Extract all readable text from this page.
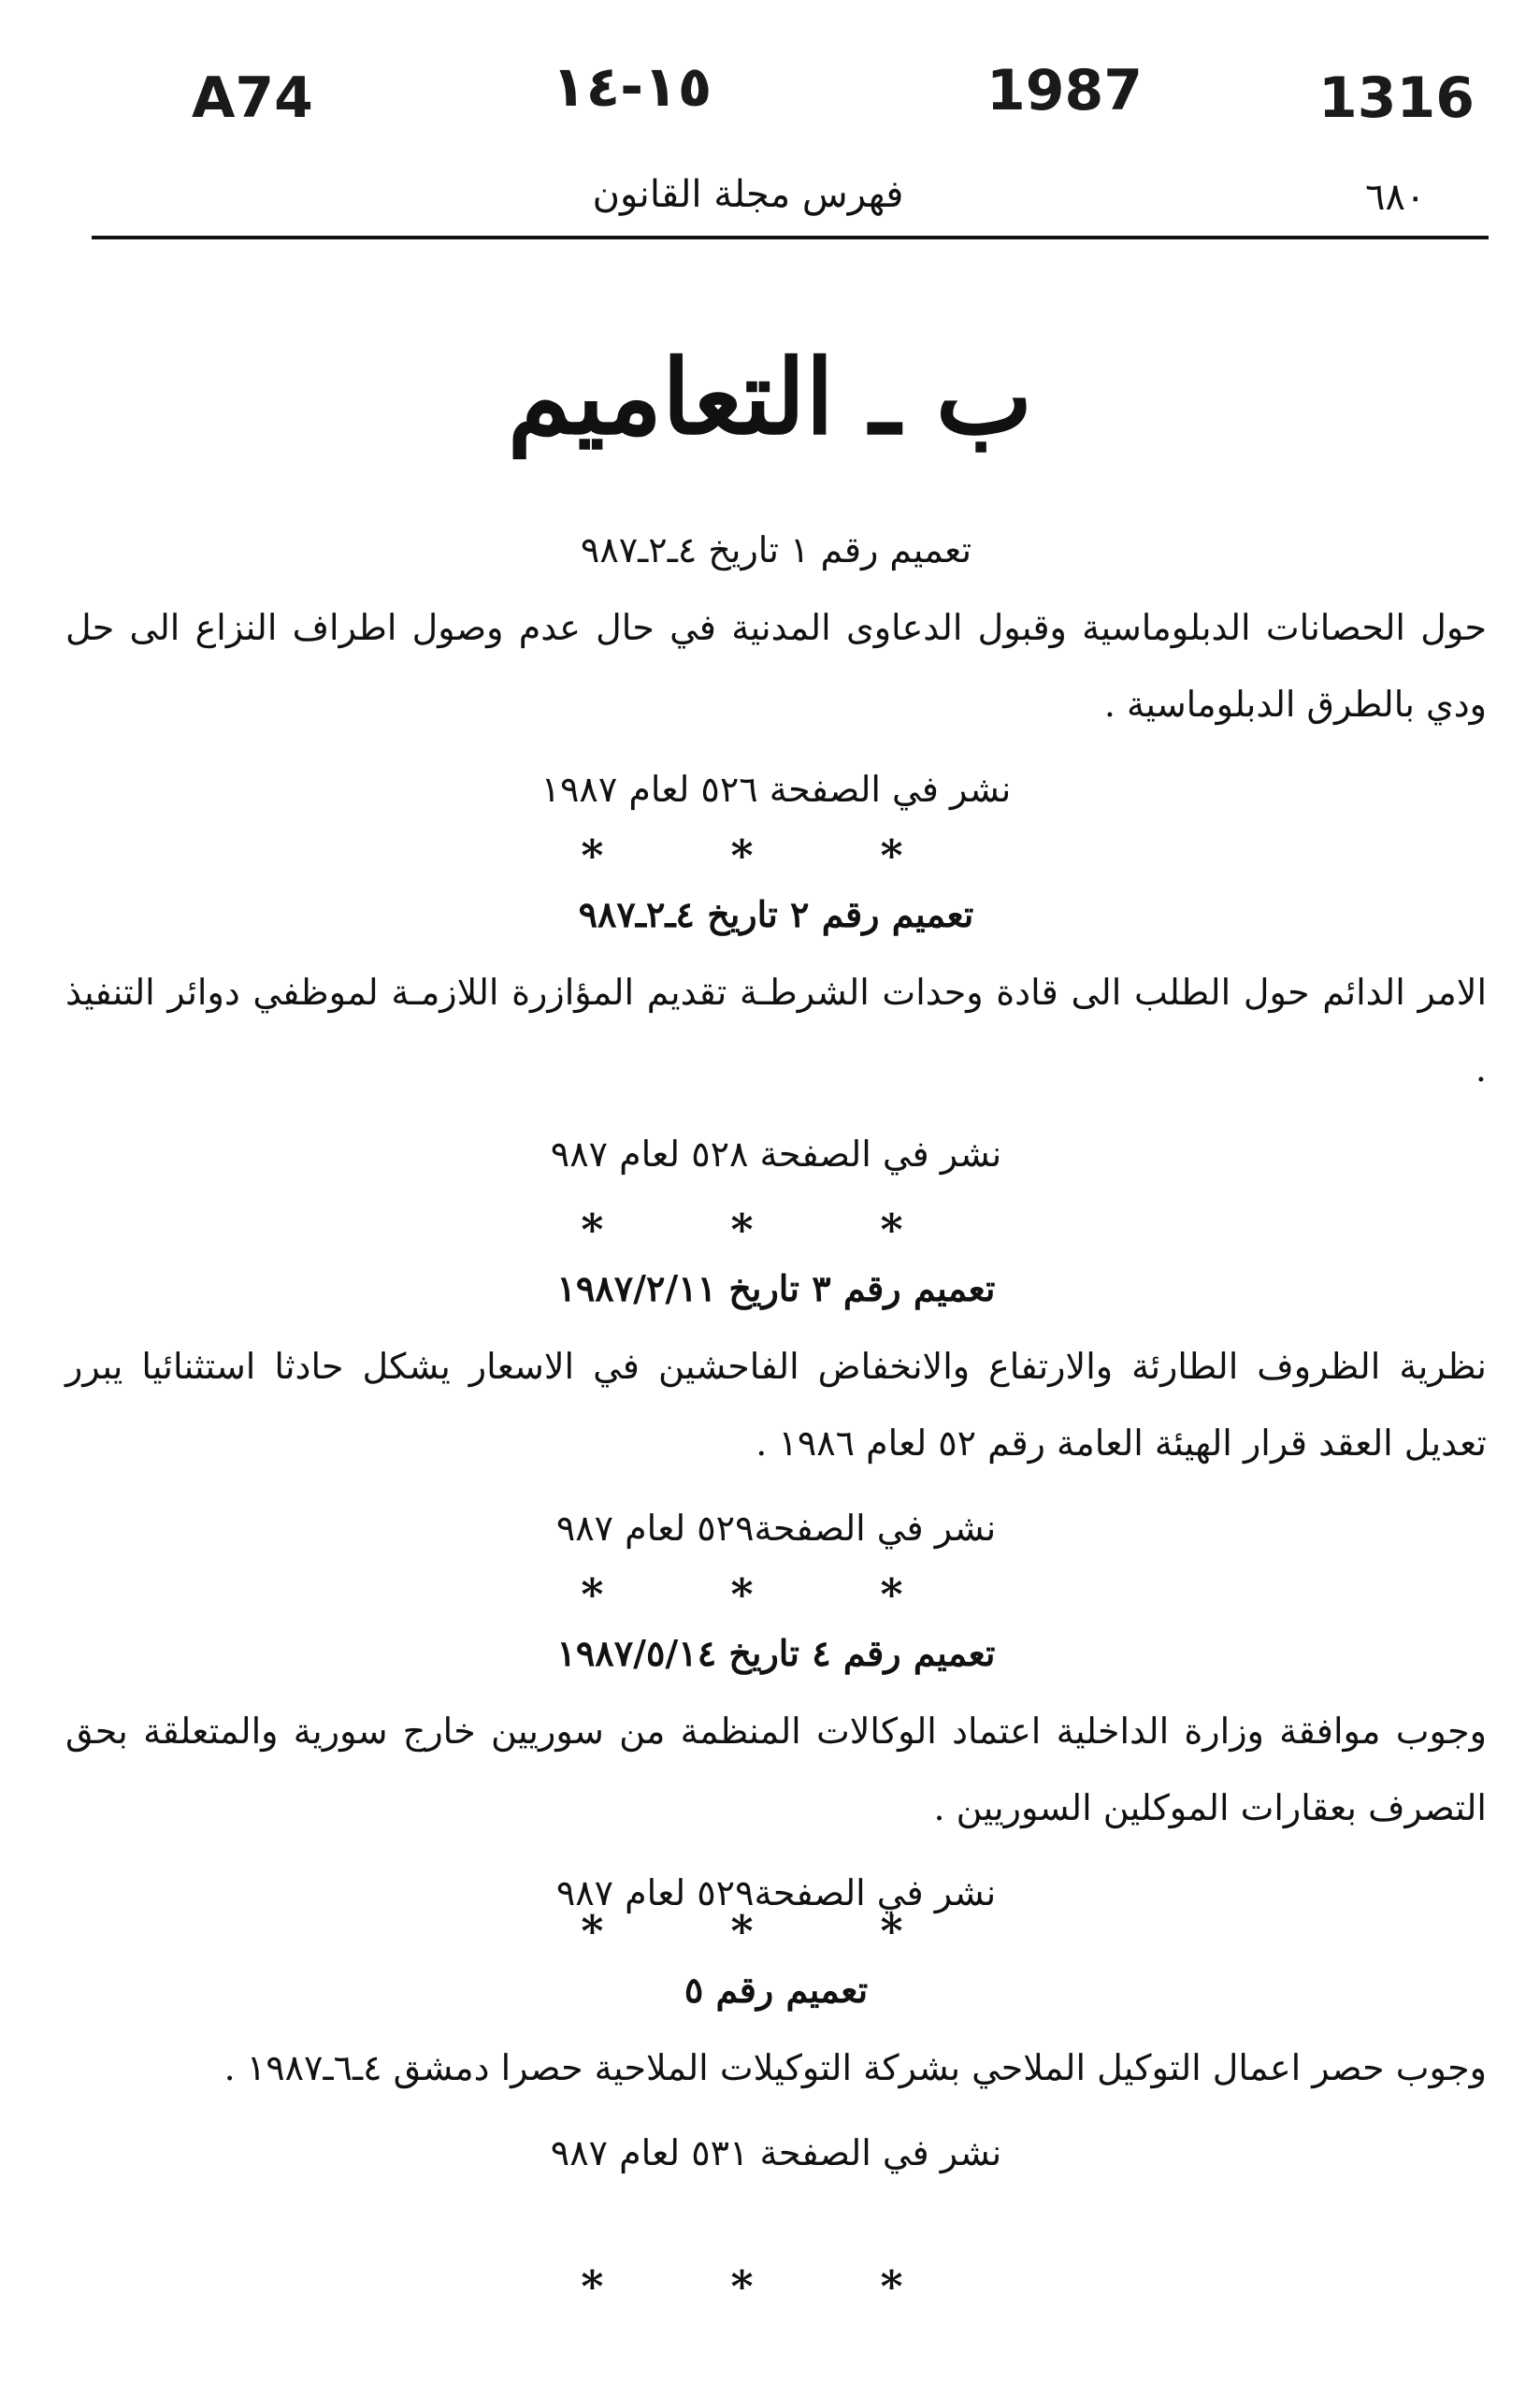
A74	١٥-١٤	1987	1316
فهرس مجلة القانون	٦٨٠
ب ـ التعاميم

تعميم رقم ١ تاريخ ٤ـ٢ـ٩٨٧

حول الحصانات الدبلوماسية وقبول الدعاوى المدنية في حال عدم وصول اطراف النزاع الى حل ودي بالطرق الدبلوماسية .

نشر في الصفحة ٥٢٦ لعام ١٩٨٧

* * *

تعميم رقم ٢ تاريخ ٤ـ٢ـ٩٨٧

الامر الدائم حول الطلب الى قادة وحدات الشرطـة تقديم المؤازرة اللازمـة لموظفي دوائر التنفيذ .

نشر في الصفحة ٥٢٨ لعام ٩٨٧

* * *

تعميم رقم ٣ تاريخ ١٩٨٧/٢/١١

نظرية الظروف الطارئة والارتفاع والانخفاض الفاحشين في الاسعار يشكل حادثا استثنائيا يبرر تعديل العقد قرار الهيئة العامة رقم ٥٢ لعام ١٩٨٦ .

نشر في الصفحة٥٢٩ لعام ٩٨٧

* * *

تعميم رقم ٤ تاريخ ١٩٨٧/٥/١٤

وجوب موافقة وزارة الداخلية اعتماد الوكالات المنظمة من سوريين خارج سورية والمتعلقة بحق التصرف بعقارات الموكلين السوريين .

نشر في الصفحة٥٢٩ لعام ٩٨٧

* * *

تعميم رقم ٥

وجوب حصر اعمال التوكيل الملاحي بشركة التوكيلات الملاحية حصرا دمشق ٤ـ٦ـ١٩٨٧ .

نشر في الصفحة ٥٣١ لعام ٩٨٧

* * *
